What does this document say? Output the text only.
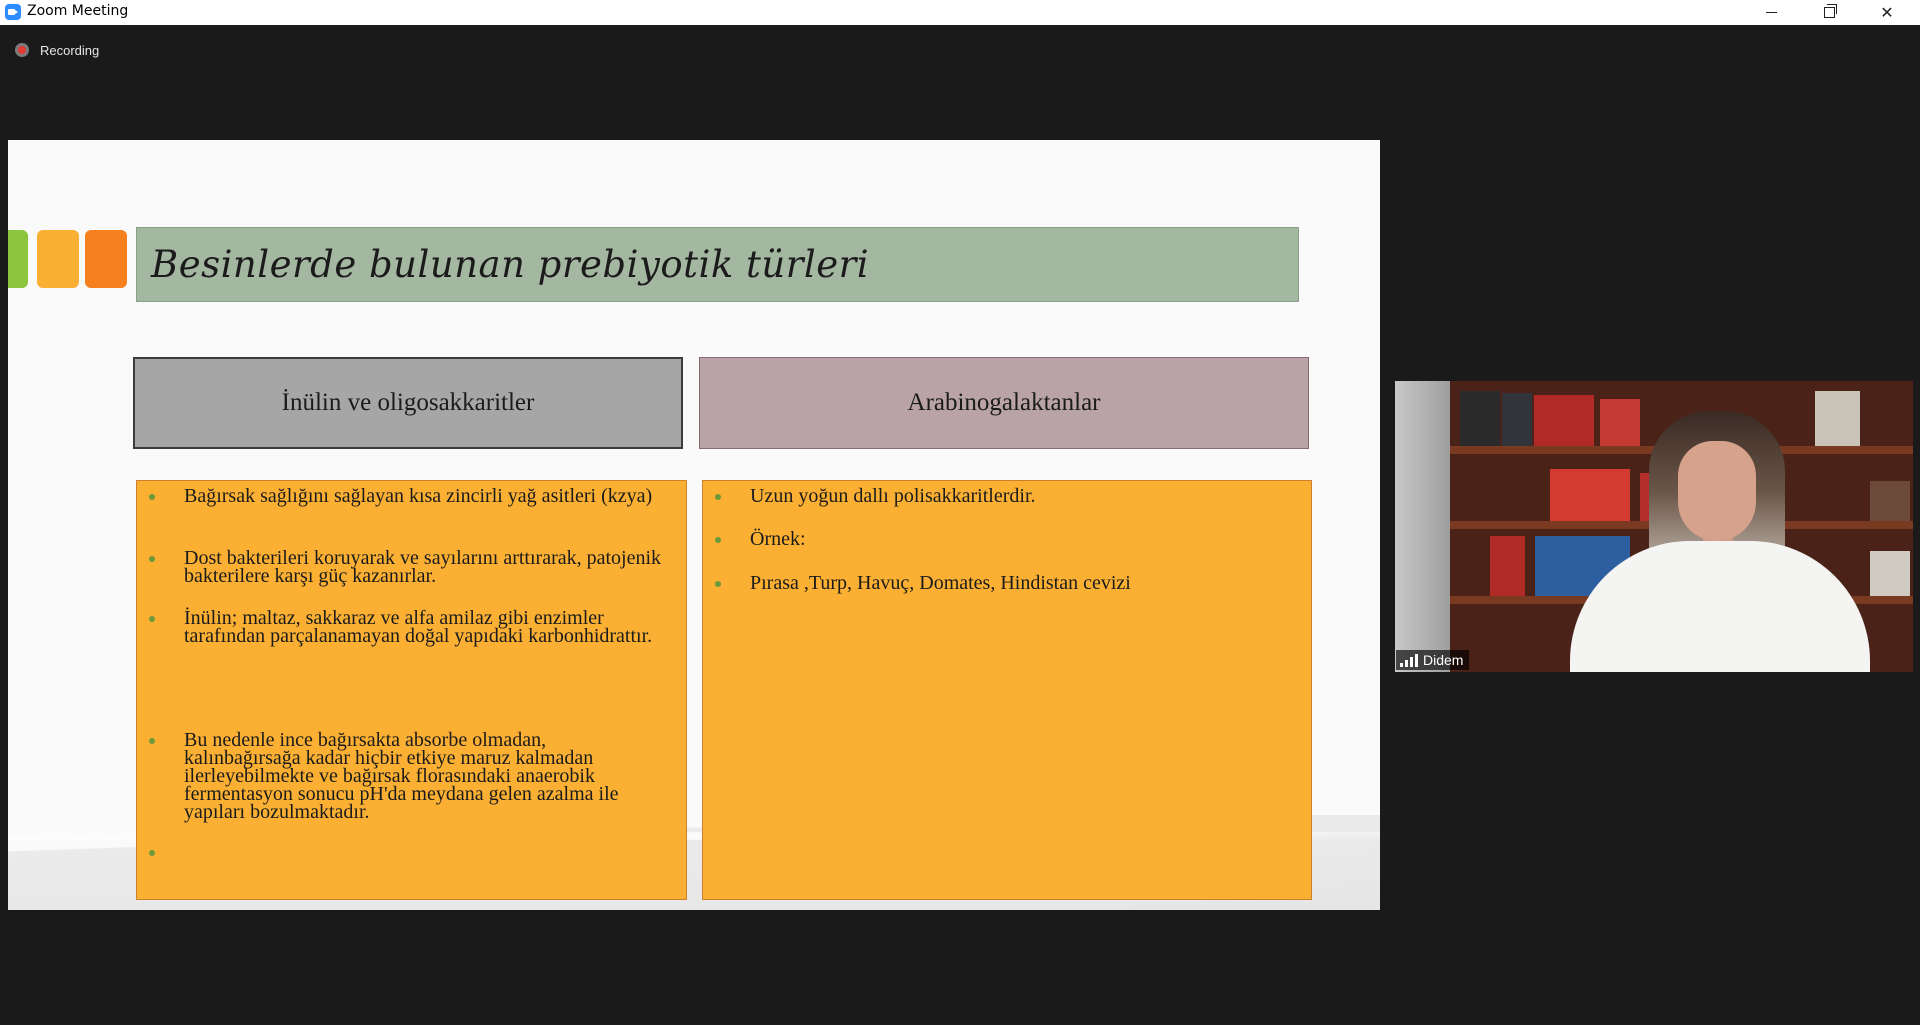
Zoom Meeting	✕
Recording
Besinlerde bulunan prebiyotik türleri
İnülin ve oligosakkaritler	Arabinogalaktanlar
Bağırsak sağlığını sağlayan kısa zincirli yağ asitleri (kzya)
Dost bakterileri koruyarak ve sayılarını arttırarak, patojenik bakterilere karşı güç kazanırlar.
İnülin; maltaz, sakkaraz ve alfa amilaz gibi enzimler tarafından parçalanamayan doğal yapıdaki karbonhidrattır.
Bu nedenle ince bağırsakta absorbe olmadan, kalınbağırsağa kadar hiçbir etkiye maruz kalmadan ilerleyebilmekte ve bağırsak florasındaki anaerobik fermentasyon sonucu pH'da meydana gelen azalma ile yapıları bozulmaktadır.
Uzun yoğun dallı polisakkaritlerdir.
Örnek:
Pırasa ,Turp, Havuç, Domates, Hindistan cevizi
Didem
